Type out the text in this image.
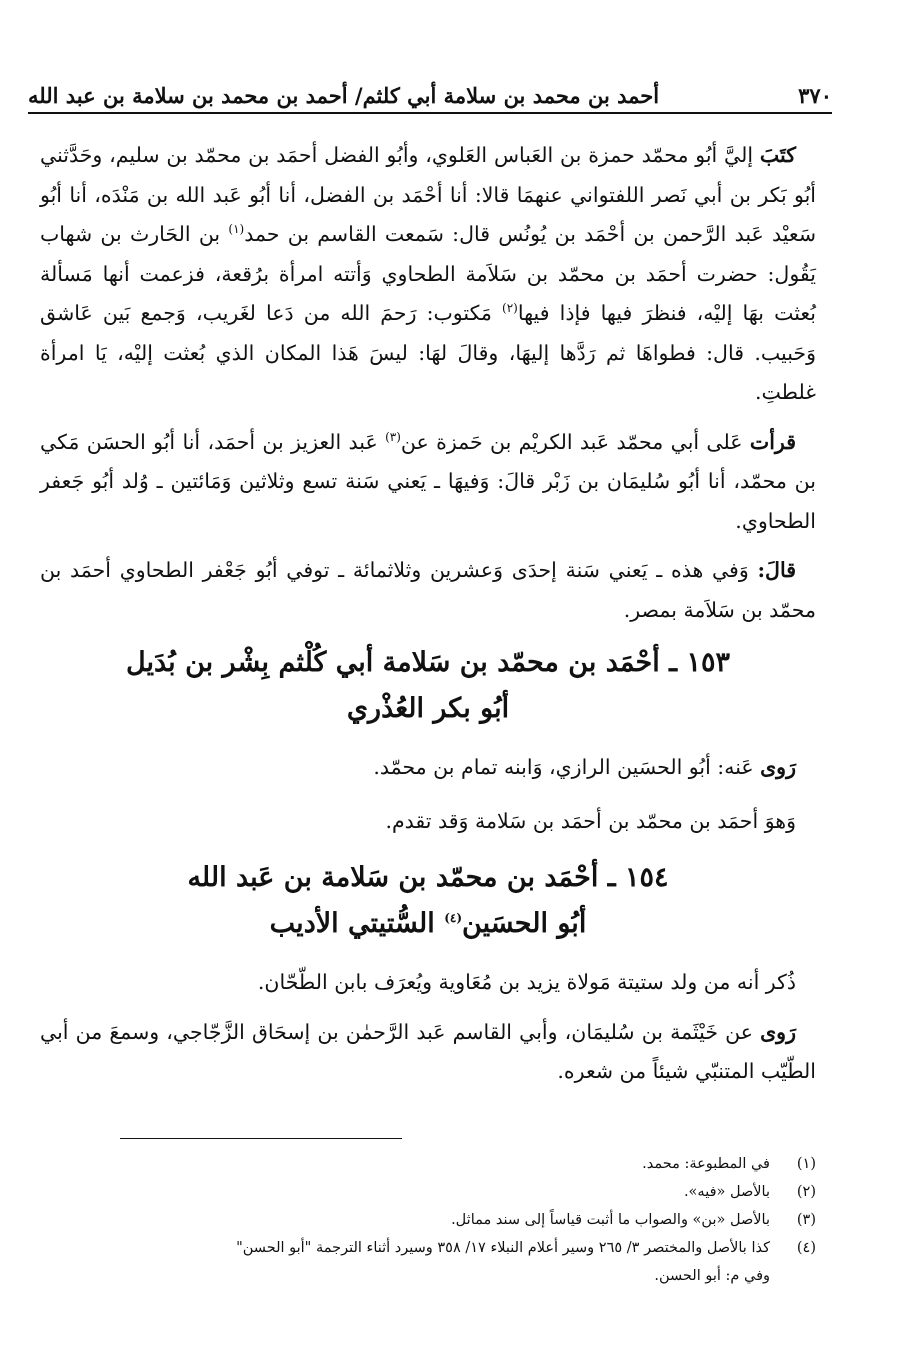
٣٧٠
أحمد بن محمد بن سلامة أبي كلثم/ أحمد بن محمد بن سلامة بن عبد الله

كتَبَ إليَّ أبُو محمّد حمزة بن العَباس العَلوي، وأبُو الفضل أحمَد بن محمّد بن سليم، وحَدَّثني أبُو بَكر بن أبي نَصر اللفتواني عنهمَا قالا: أنا أحْمَد بن الفضل، أنا أبُو عَبد الله بن مَنْدَه، أنا أبُو سَعيْد عَبد الرَّحمن بن أحْمَد بن يُونُس قال: سَمعت القاسم بن حمد$^{(١)}$ بن الحَارث بن شهاب يَقُول: حضرت أحمَد بن محمّد بن سَلاَمة الطحاوي وَأتته امرأة برُقعة، فزعمت أنها مَسألة بُعثت بهَا إليْه، فنظرَ فيها فإذا فيها$^{(٢)}$ مَكتوب: رَحمَ الله من دَعا لغَريب، وَجمع بَين عَاشق وَحَبيب. قال: فطواهَا ثم رَدَّها إليهَا، وقالَ لهَا: ليسَ هَذا المكان الذي بُعثت إليْه، يَا امرأة غلطتِ.

قرأت عَلى أبي محمّد عَبد الكريْم بن حَمزة عن$^{(٣)}$ عَبد العزيز بن أحمَد، أنا أبُو الحسَن مَكي بن محمّد، أنا أبُو سُليمَان بن زَبْر قالَ: وَفيهَا ـ يَعني سَنة تسع وثلاثين وَمَائتين ـ وُلد أبُو جَعفر الطحاوي.

قالَ: وَفي هذه ـ يَعني سَنة إحدَى وَعشرين وثلاثمائة ـ توفي أبُو جَعْفر الطحاوي أحمَد بن محمّد بن سَلاَمة بمصر.

١٥٣ ـ أحْمَد بن محمّد بن سَلامة أبي كُلْثم بِشْر بن بُدَيل
أبُو بكر العُذْري

رَوى عَنه: أبُو الحسَين الرازي، وَابنه تمام بن محمّد.

وَهوَ أحمَد بن محمّد بن أحمَد بن سَلامة وَقد تقدم.

١٥٤ ـ أحْمَد بن محمّد بن سَلامة بن عَبد الله
أبُو الحسَين$^{(٤)}$ السُّتيتي الأديب

ذُكر أنه من ولد ستيتة مَولاة يزيد بن مُعَاوية ويُعرَف بابن الطّحّان.

رَوى عن خَيْثَمة بن سُليمَان، وأبي القاسم عَبد الرَّحمٰن بن إسحَاق الزَّجّاجي، وسمعَ من أبي الطّيّب المتنبّي شيئاً من شعره.

(١)
في المطبوعة: محمد.
(٢)
بالأصل «فيه».
(٣)
بالأصل «بن» والصواب ما أثبت قياساً إلى سند مماثل.
(٤)
كذا بالأصل والمختصر ٣/ ٢٦٥ وسير أعلام النبلاء ١٧/ ٣٥٨ وسيرد أثناء الترجمة "أبو الحسن"
وفي م: أبو الحسن.
